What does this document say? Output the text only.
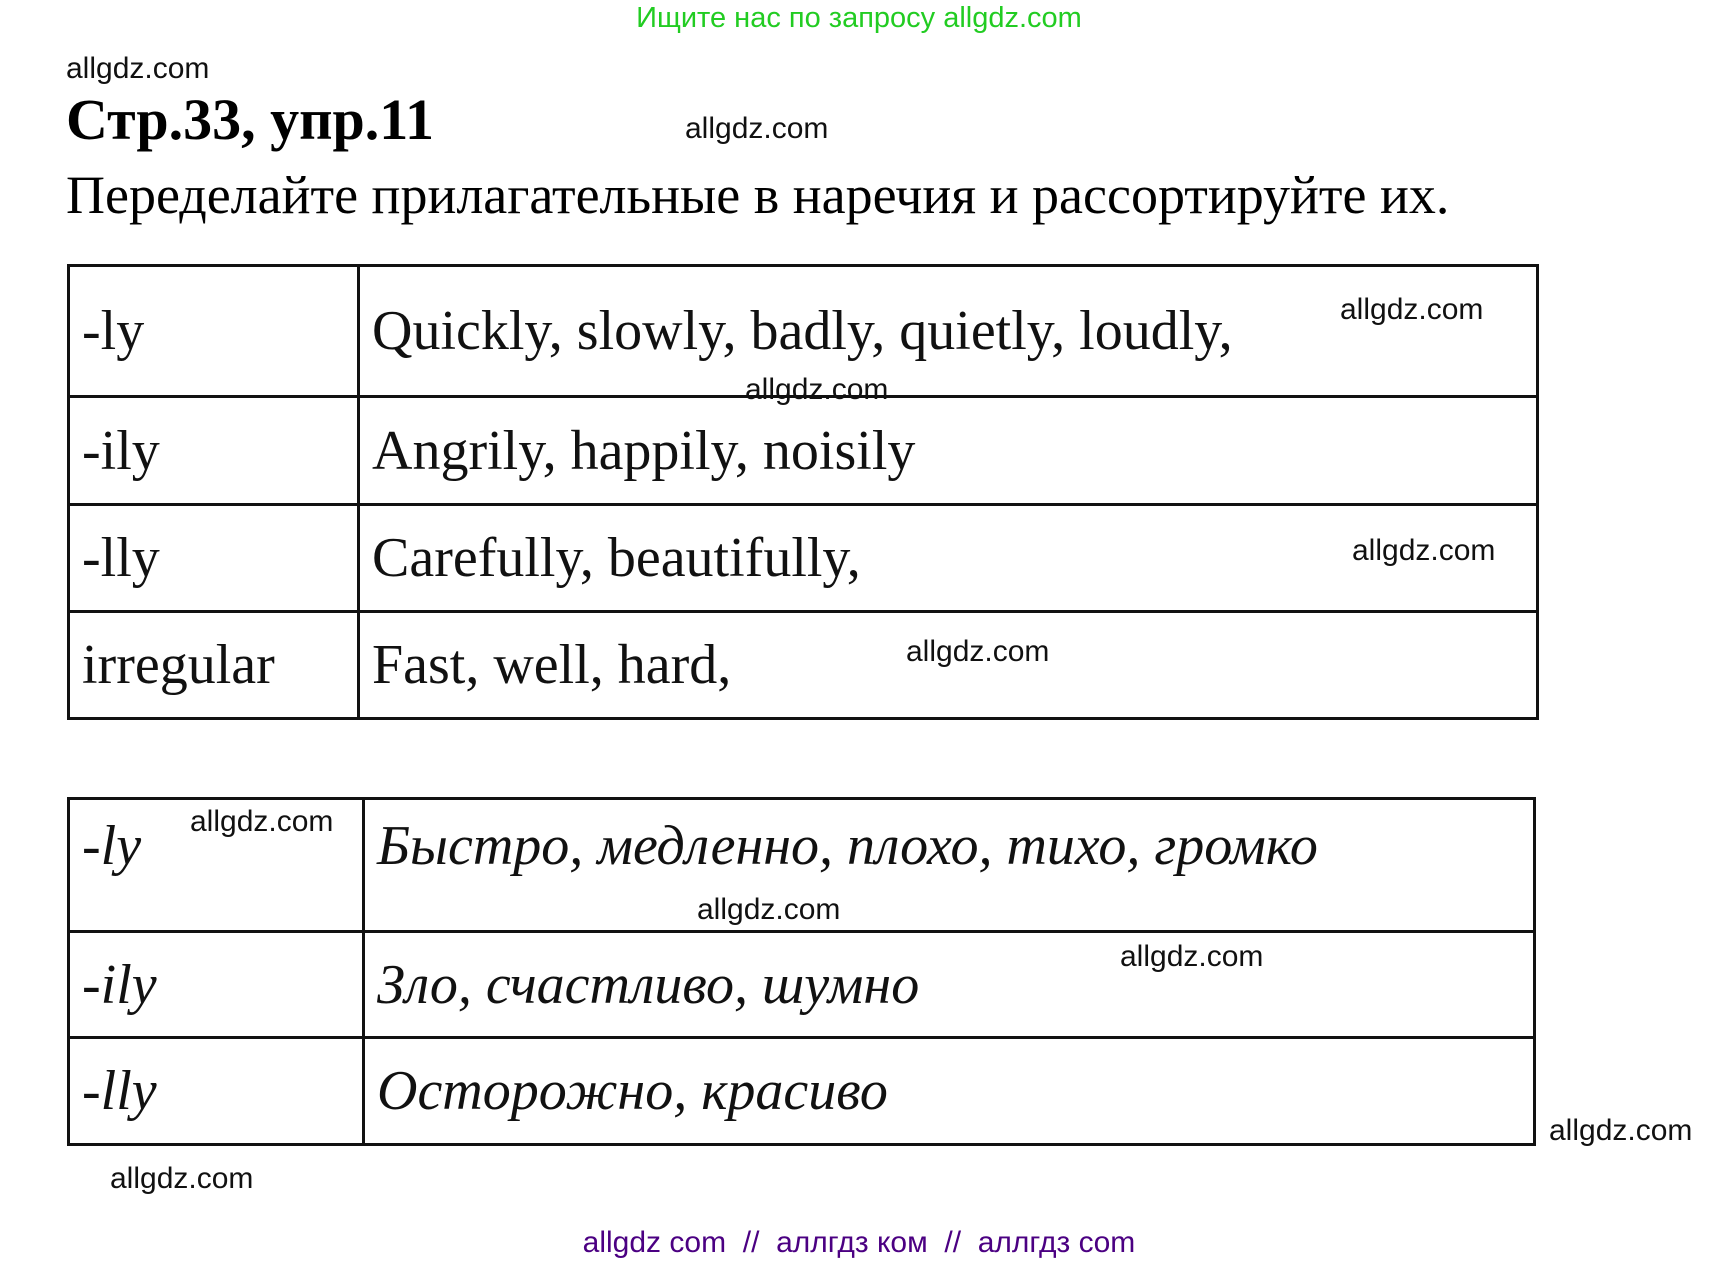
Ищите нас по запросу allgdz.com
allgdz.com
Стр.33, упр.11	allgdz.com
Переделайте прилагательные в наречия и рассортируйте их.
-ly	Quickly, slowly, badly, quietly, loudly,
-ily	Angrily, happily, noisily
-lly	Carefully, beautifully,
irregular	Fast, well, hard,
-ly	Быстро, медленно, плохо, тихо, громко
-ily	Зло, счастливо, шумно
-lly	Осторожно, красиво
allgdz.com
allgdz.com
allgdz.com
allgdz.com
allgdz.com
allgdz.com
allgdz.com
allgdz.com
allgdz.com
allgdz com  //  аллгдз ком  //  аллгдз com
